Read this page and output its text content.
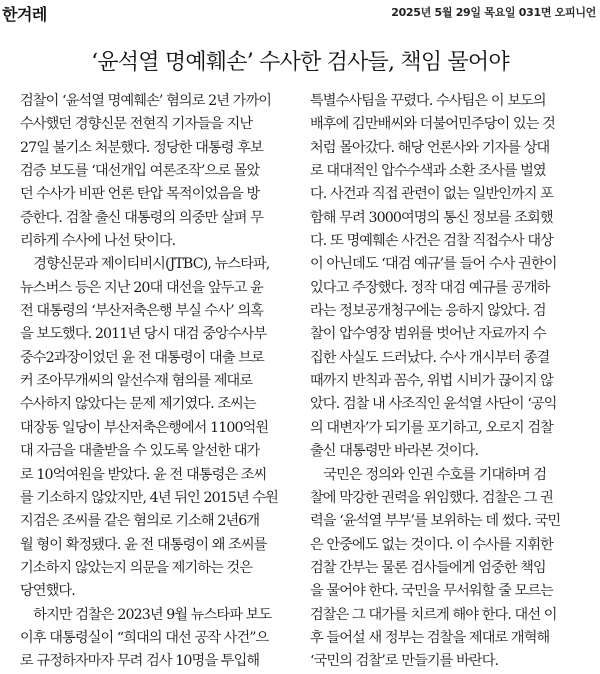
한겨레	2025년 5월 29일 목요일 031면 오피니언
‘윤석열 명예훼손’ 수사한 검사들, 책임 물어야
검찰이 ‘윤석열 명예훼손’ 혐의로 2년 가까이
수사했던 경향신문 전현직 기자들을 지난
27일 불기소 처분했다. 정당한 대통령 후보
검증 보도를 ‘대선개입 여론조작’으로 몰았
던 수사가 비판 언론 탄압 목적이었음을 방
증한다. 검찰 출신 대통령의 의중만 살펴 무
리하게 수사에 나선 탓이다.
　경향신문과 제이티비시(JTBC), 뉴스타파,
뉴스버스 등은 지난 20대 대선을 앞두고 윤
전 대통령의 ‘부산저축은행 부실 수사’ 의혹
을 보도했다. 2011년 당시 대검 중앙수사부
중수2과장이었던 윤 전 대통령이 대출 브로
커 조아무개씨의 알선수재 혐의를 제대로
수사하지 않았다는 문제 제기였다. 조씨는
대장동 일당이 부산저축은행에서 1100억원
대 자금을 대출받을 수 있도록 알선한 대가
로 10억여원을 받았다. 윤 전 대통령은 조씨
를 기소하지 않았지만, 4년 뒤인 2015년 수원
지검은 조씨를 같은 혐의로 기소해 2년6개
월 형이 확정됐다. 윤 전 대통령이 왜 조씨를
기소하지 않았는지 의문을 제기하는 것은
당연했다.
　하지만 검찰은 2023년 9월 뉴스타파 보도
이후 대통령실이 “희대의 대선 공작 사건”으
로 규정하자마자 무려 검사 10명을 투입해
특별수사팀을 꾸렸다. 수사팀은 이 보도의
배후에 김만배씨와 더불어민주당이 있는 것
처럼 몰아갔다. 해당 언론사와 기자를 상대
로 대대적인 압수수색과 소환 조사를 벌였
다. 사건과 직접 관련이 없는 일반인까지 포
함해 무려 3000여명의 통신 정보를 조회했
다. 또 명예훼손 사건은 검찰 직접수사 대상
이 아닌데도 ‘대검 예규’를 들어 수사 권한이
있다고 주장했다. 정작 대검 예규를 공개하
라는 정보공개청구에는 응하지 않았다. 검
찰이 압수영장 범위를 벗어난 자료까지 수
집한 사실도 드러났다. 수사 개시부터 종결
때까지 반칙과 꼼수, 위법 시비가 끊이지 않
았다. 검찰 내 사조직인 윤석열 사단이 ‘공익
의 대변자’가 되기를 포기하고, 오로지 검찰
출신 대통령만 바라본 것이다.
　국민은 정의와 인권 수호를 기대하며 검
찰에 막강한 권력을 위임했다. 검찰은 그 권
력을 ‘윤석열 부부’를 보위하는 데 썼다. 국민
은 안중에도 없는 것이다. 이 수사를 지휘한
검찰 간부는 물론 검사들에게 엄중한 책임
을 물어야 한다. 국민을 무서워할 줄 모르는
검찰은 그 대가를 치르게 해야 한다. 대선 이
후 들어설 새 정부는 검찰을 제대로 개혁해
‘국민의 검찰’로 만들기를 바란다.
